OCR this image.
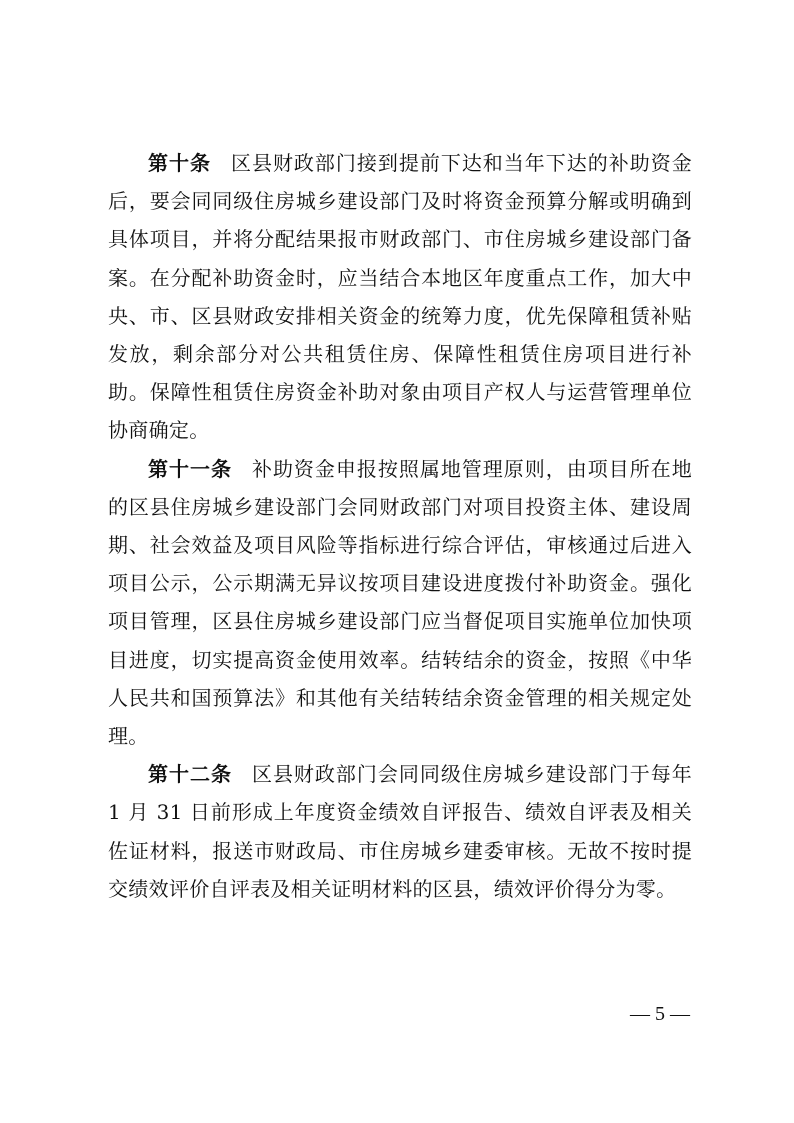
第十条 区县财政部门接到提前下达和当年下达的补助资金后，要会同同级住房城乡建设部门及时将资金预算分解或明确到具体项目，并将分配结果报市财政部门、市住房城乡建设部门备案。在分配补助资金时，应当结合本地区年度重点工作，加大中央、市、区县财政安排相关资金的统筹力度，优先保障租赁补贴发放，剩余部分对公共租赁住房、保障性租赁住房项目进行补助。保障性租赁住房资金补助对象由项目产权人与运营管理单位协商确定。

第十一条 补助资金申报按照属地管理原则，由项目所在地的区县住房城乡建设部门会同财政部门对项目投资主体、建设周期、社会效益及项目风险等指标进行综合评估，审核通过后进入项目公示，公示期满无异议按项目建设进度拨付补助资金。强化项目管理，区县住房城乡建设部门应当督促项目实施单位加快项目进度，切实提高资金使用效率。结转结余的资金，按照《中华人民共和国预算法》和其他有关结转结余资金管理的相关规定处理。

第十二条 区县财政部门会同同级住房城乡建设部门于每年 1 月 31 日前形成上年度资金绩效自评报告、绩效自评表及相关佐证材料，报送市财政局、市住房城乡建委审核。无故不按时提交绩效评价自评表及相关证明材料的区县，绩效评价得分为零。

— 5 —
